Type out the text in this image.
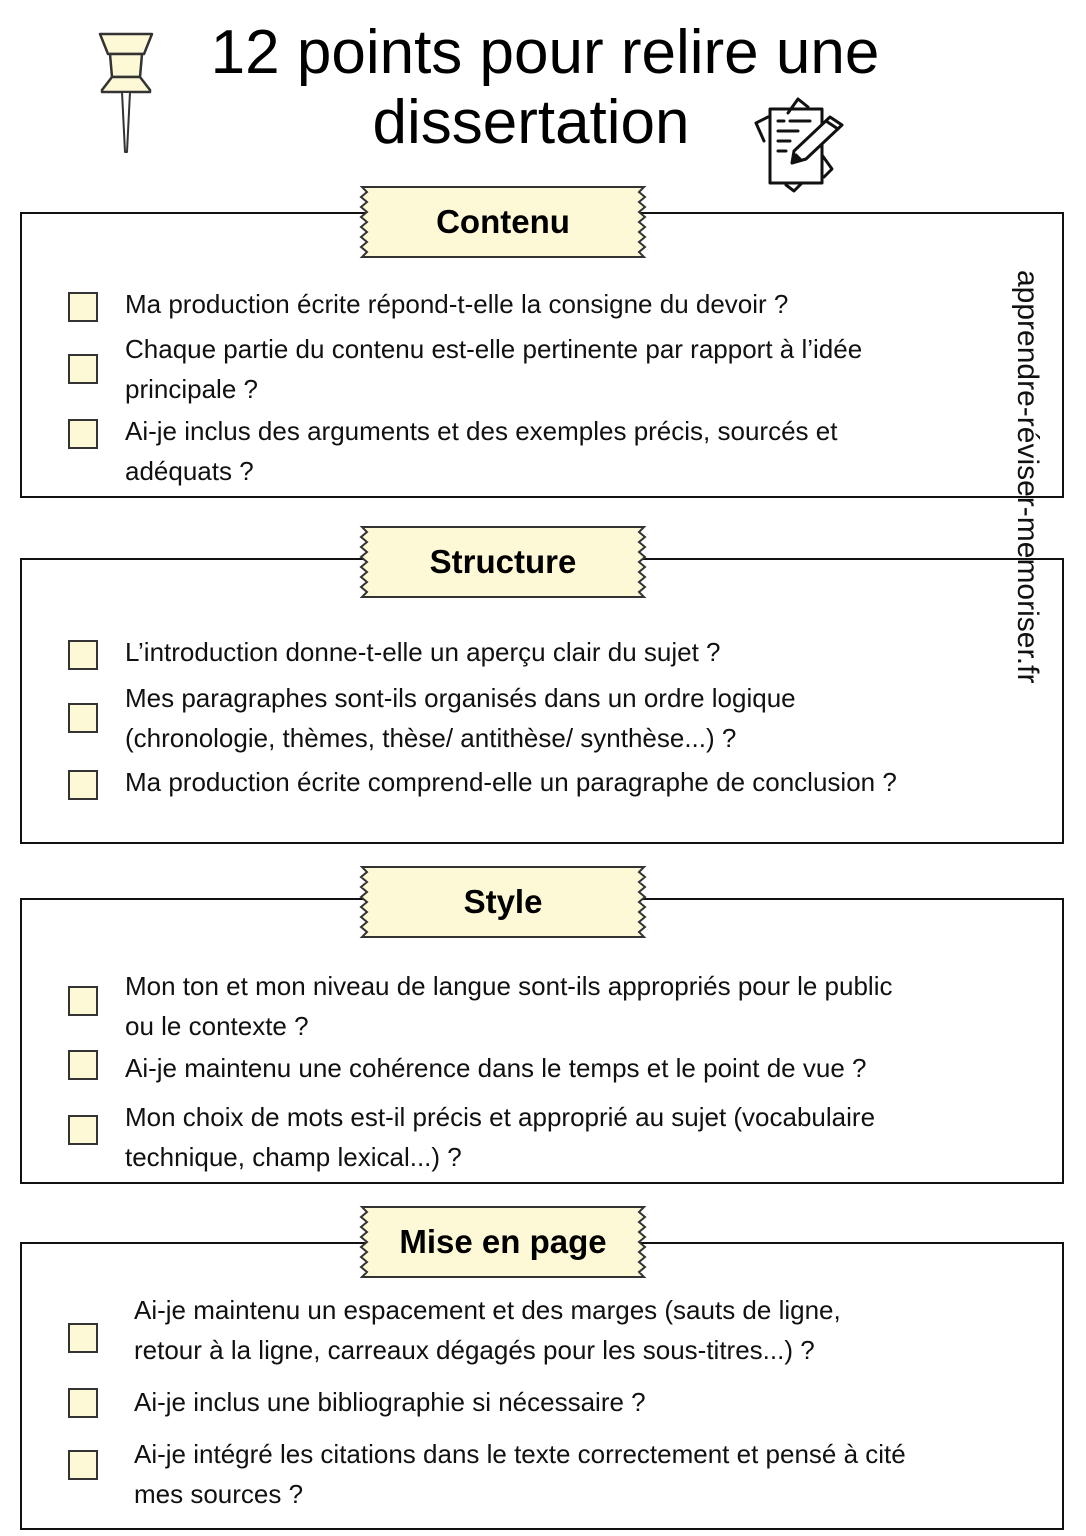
12 points pour relire une
dissertation
apprendre-réviser-memoriser.fr
Ma production écrite répond-t-elle la consigne du devoir ?
Chaque partie du contenu est-elle pertinente par rapport à l’idée
principale ?
Ai-je inclus des arguments et des exemples précis, sourcés et
adéquats ?
Contenu
L’introduction donne-t-elle un aperçu clair du sujet ?
Mes paragraphes sont-ils organisés dans un ordre logique
(chronologie, thèmes, thèse/ antithèse/ synthèse...) ?
Ma production écrite comprend-elle un paragraphe de conclusion ?
Structure
Mon ton et mon niveau de langue sont-ils appropriés pour le public
ou le contexte ?
Ai-je maintenu une cohérence dans le temps et le point de vue ?
Mon choix de mots est-il précis et approprié au sujet (vocabulaire
technique, champ lexical...) ?
Style
Ai-je maintenu un espacement et des marges (sauts de ligne,
retour à la ligne, carreaux dégagés pour les sous-titres...) ?
Ai-je inclus une bibliographie si nécessaire ?
Ai-je intégré les citations dans le texte correctement et pensé à cité
mes sources ?
Mise en page
